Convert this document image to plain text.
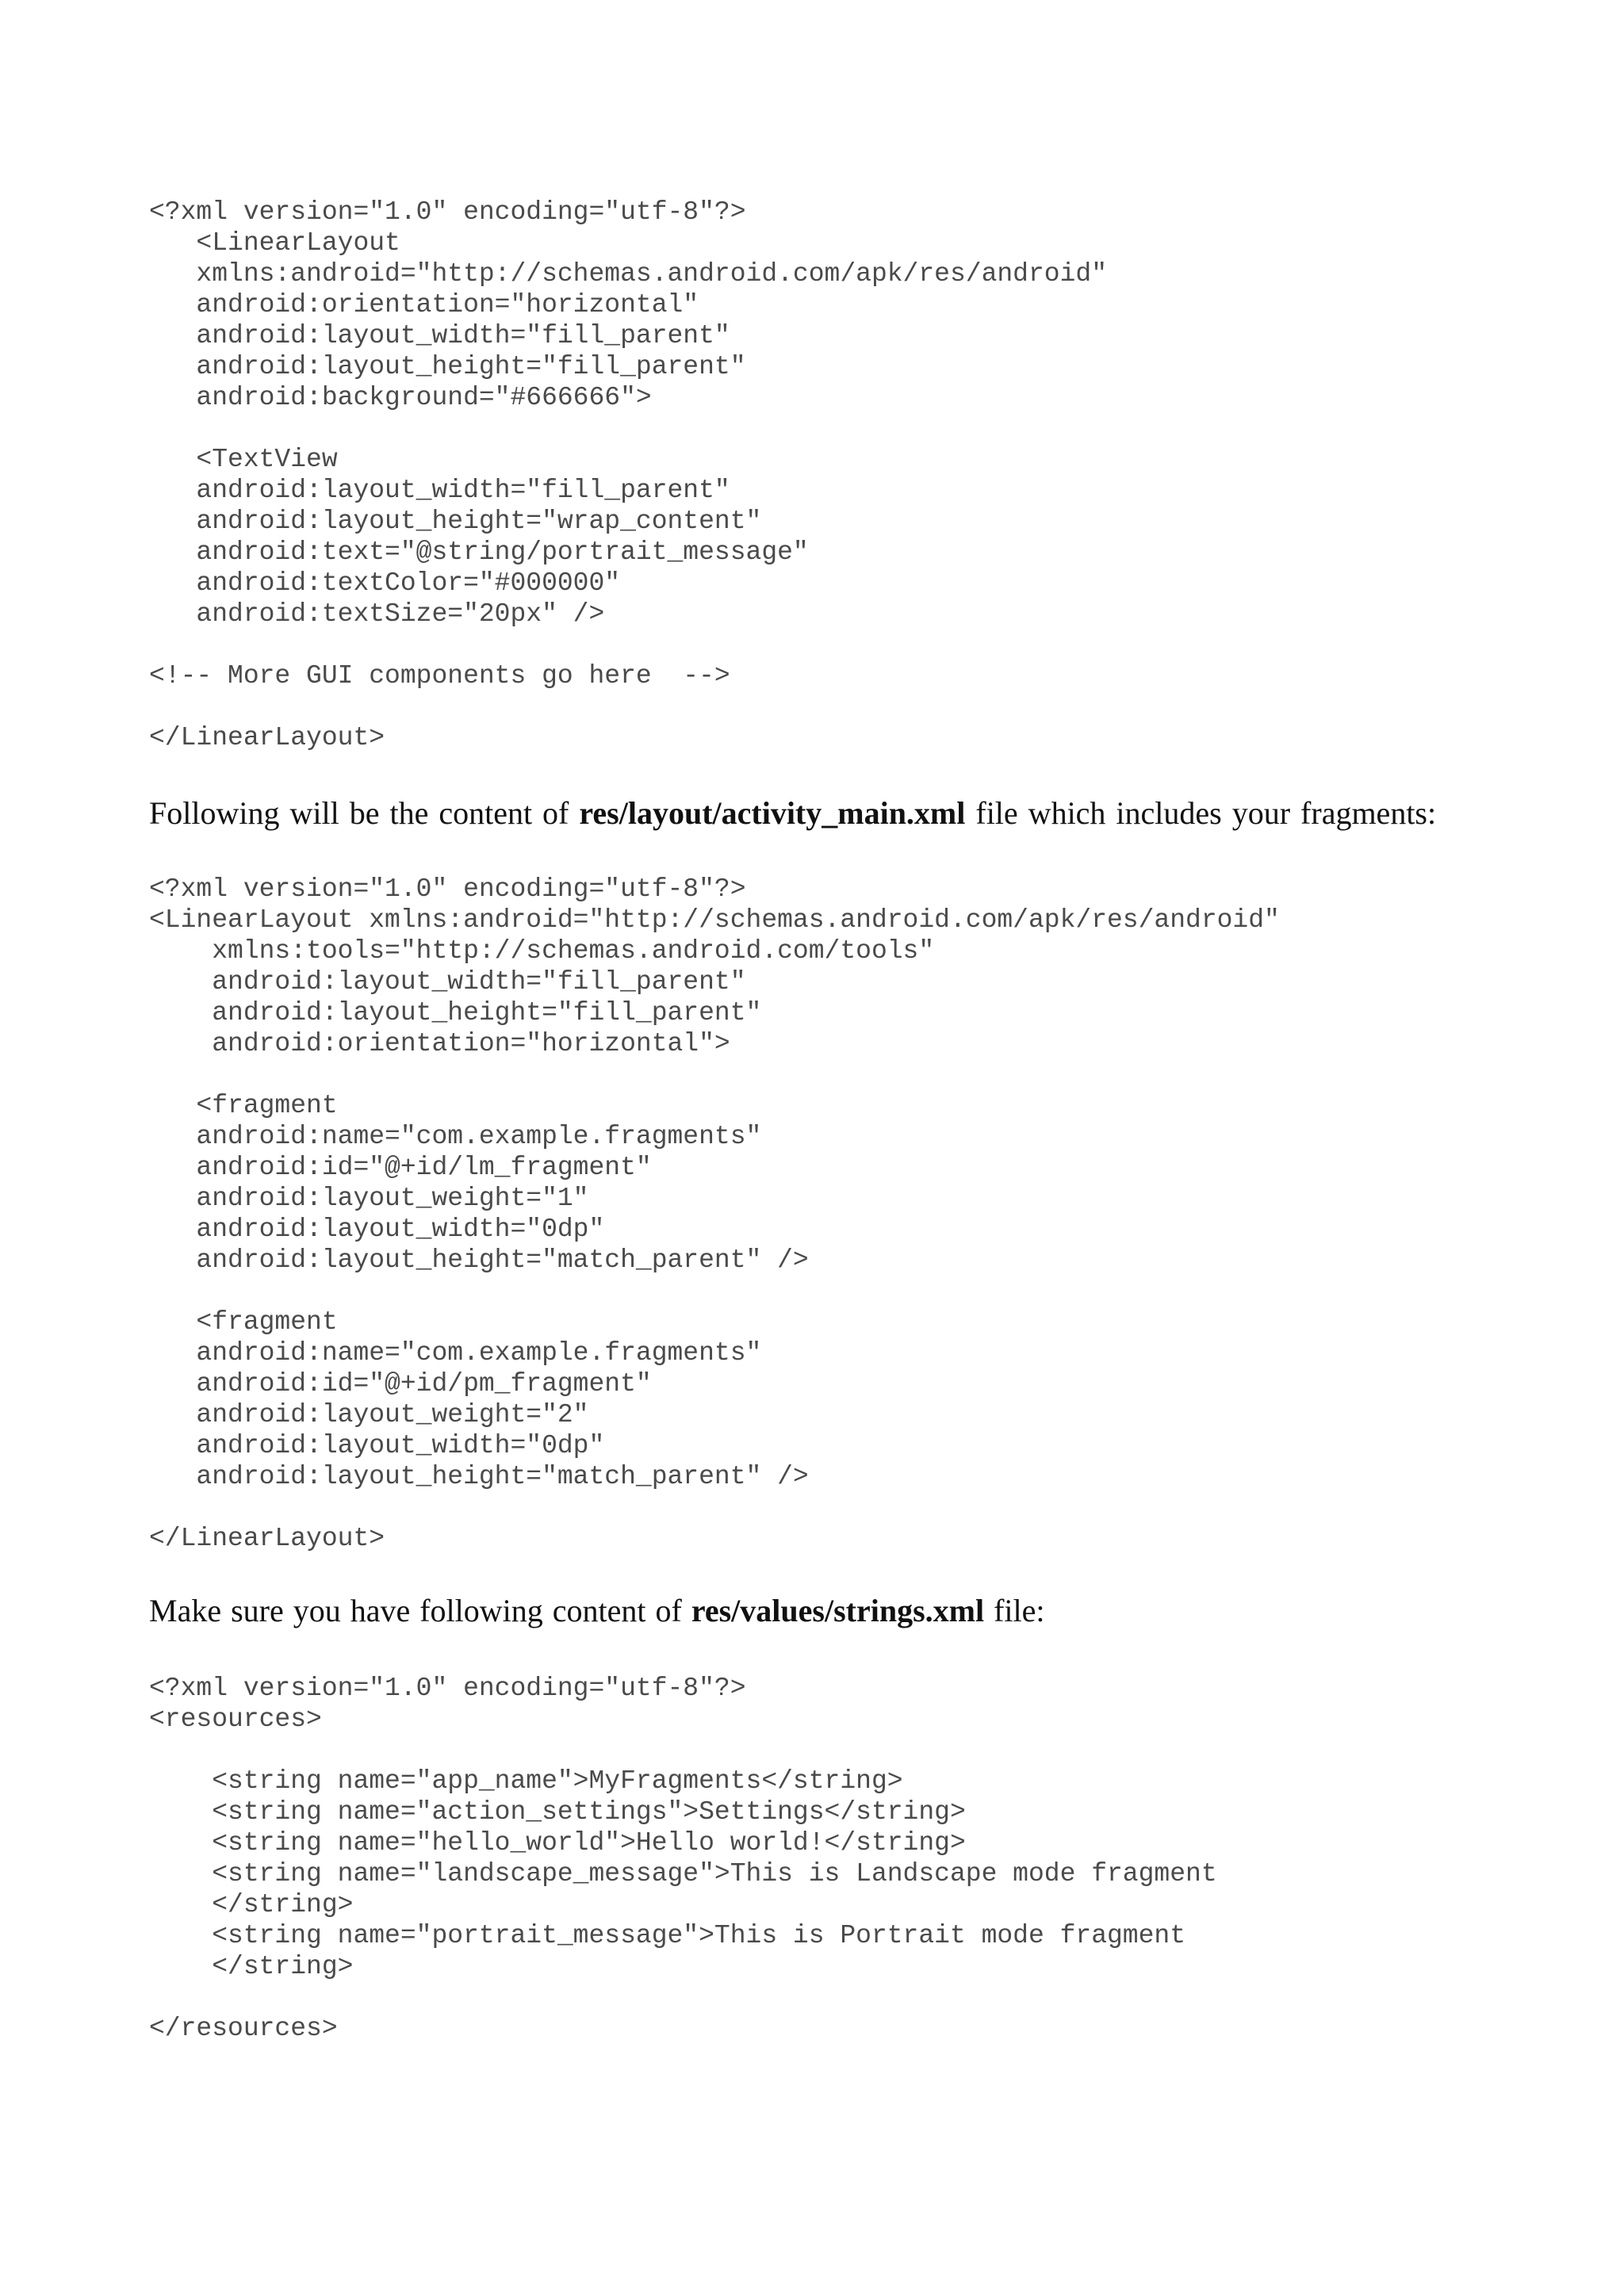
<?xml version="1.0" encoding="utf-8"?>
<LinearLayout
xmlns:android="http://schemas.android.com/apk/res/android"
android:orientation="horizontal"
android:layout_width="fill_parent"
android:layout_height="fill_parent"
android:background="#666666">
<TextView
android:layout_width="fill_parent"
android:layout_height="wrap_content"
android:text="@string/portrait_message"
android:textColor="#000000"
android:textSize="20px" />
<!-- More GUI components go here  -->
</LinearLayout>

Following will be the content of res/layout/activity_main.xml file which includes your fragments:

<?xml version="1.0" encoding="utf-8"?>
<LinearLayout xmlns:android="http://schemas.android.com/apk/res/android"
xmlns:tools="http://schemas.android.com/tools"
android:layout_width="fill_parent"
android:layout_height="fill_parent"
android:orientation="horizontal">
<fragment
android:name="com.example.fragments"
android:id="@+id/lm_fragment"
android:layout_weight="1"
android:layout_width="0dp"
android:layout_height="match_parent" />
<fragment
android:name="com.example.fragments"
android:id="@+id/pm_fragment"
android:layout_weight="2"
android:layout_width="0dp"
android:layout_height="match_parent" />
</LinearLayout>

Make sure you have following content of res/values/strings.xml file:

<?xml version="1.0" encoding="utf-8"?>
<resources>
<string name="app_name">MyFragments</string>
<string name="action_settings">Settings</string>
<string name="hello_world">Hello world!</string>
<string name="landscape_message">This is Landscape mode fragment
</string>
<string name="portrait_message">This is Portrait mode fragment
</string>
</resources>
